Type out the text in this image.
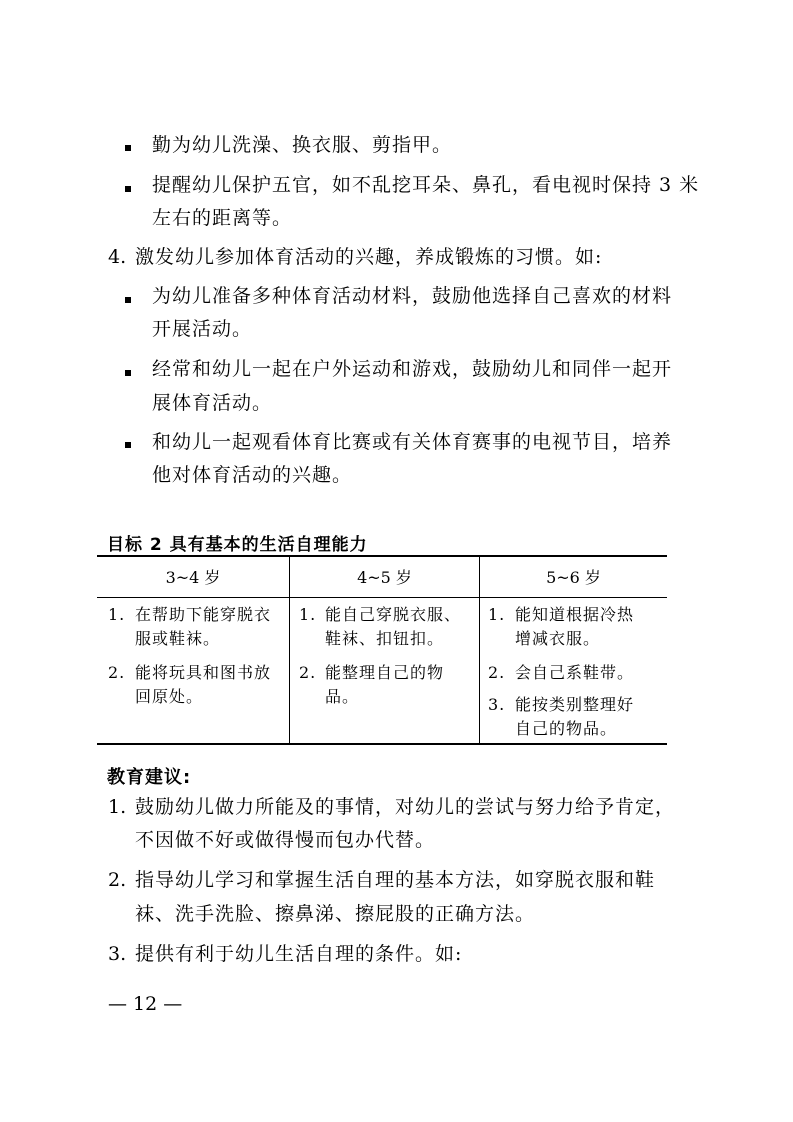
勤为幼儿洗澡、换衣服、剪指甲。
提醒幼儿保护五官，如不乱挖耳朵、鼻孔，看电视时保持 3 米
左右的距离等。
4. 激发幼儿参加体育活动的兴趣，养成锻炼的习惯。如:
为幼儿准备多种体育活动材料，鼓励他选择自己喜欢的材料
开展活动。
经常和幼儿一起在户外运动和游戏，鼓励幼儿和同伴一起开
展体育活动。
和幼儿一起观看体育比赛或有关体育赛事的电视节目，培养
他对体育活动的兴趣。
目标 2 具有基本的生活自理能力
3~4 岁	4~5 岁	5~6 岁
1. 在帮助下能穿脱衣
服或鞋袜。
2. 能将玩具和图书放
回原处。
1. 能自己穿脱衣服、
鞋袜、扣钮扣。
2. 能整理自己的物
品。
1. 能知道根据冷热
增减衣服。
2. 会自己系鞋带。
3. 能按类别整理好
自己的物品。
教育建议:
1. 鼓励幼儿做力所能及的事情，对幼儿的尝试与努力给予肯定，
不因做不好或做得慢而包办代替。
2. 指导幼儿学习和掌握生活自理的基本方法，如穿脱衣服和鞋
袜、洗手洗脸、擦鼻涕、擦屁股的正确方法。
3. 提供有利于幼儿生活自理的条件。如:
— 12 —
